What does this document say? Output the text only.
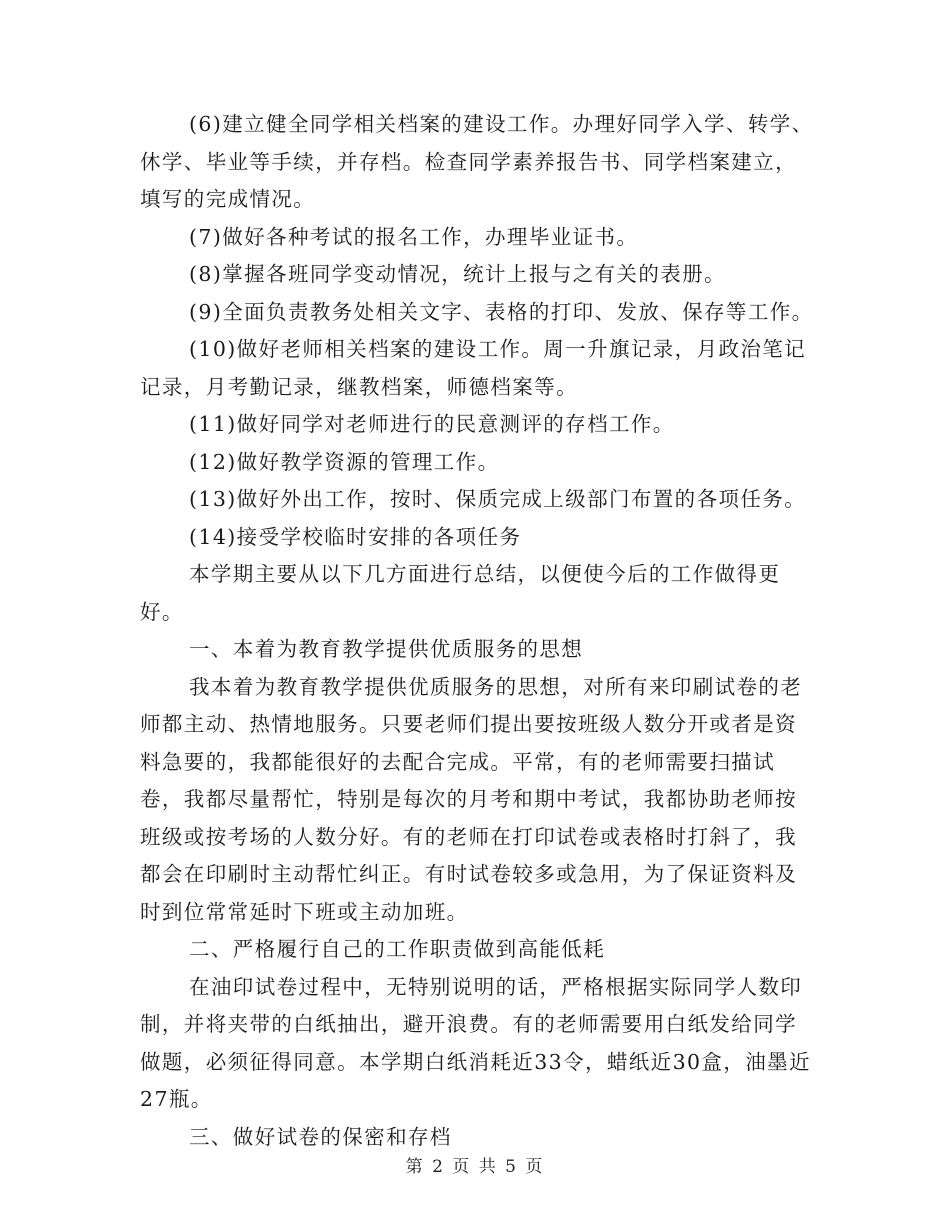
(6)建立健全同学相关档案的建设工作。办理好同学入学、转学、休学、毕业等手续，并存档。检查同学素养报告书、同学档案建立，填写的完成情况。

(7)做好各种考试的报名工作，办理毕业证书。

(8)掌握各班同学变动情况，统计上报与之有关的表册。

(9)全面负责教务处相关文字、表格的打印、发放、保存等工作。

(10)做好老师相关档案的建设工作。周一升旗记录，月政治笔记记录，月考勤记录，继教档案，师德档案等。

(11)做好同学对老师进行的民意测评的存档工作。

(12)做好教学资源的管理工作。

(13)做好外出工作，按时、保质完成上级部门布置的各项任务。

(14)接受学校临时安排的各项任务

本学期主要从以下几方面进行总结，以便使今后的工作做得更好。

一、本着为教育教学提供优质服务的思想

我本着为教育教学提供优质服务的思想，对所有来印刷试卷的老师都主动、热情地服务。只要老师们提出要按班级人数分开或者是资料急要的，我都能很好的去配合完成。平常，有的老师需要扫描试卷，我都尽量帮忙，特别是每次的月考和期中考试，我都协助老师按班级或按考场的人数分好。有的老师在打印试卷或表格时打斜了，我都会在印刷时主动帮忙纠正。有时试卷较多或急用，为了保证资料及时到位常常延时下班或主动加班。

二、严格履行自己的工作职责做到高能低耗

在油印试卷过程中，无特别说明的话，严格根据实际同学人数印制，并将夹带的白纸抽出，避开浪费。有的老师需要用白纸发给同学做题，必须征得同意。本学期白纸消耗近33令，蜡纸近30盒，油墨近27瓶。

三、做好试卷的保密和存档

第 2 页 共 5 页
